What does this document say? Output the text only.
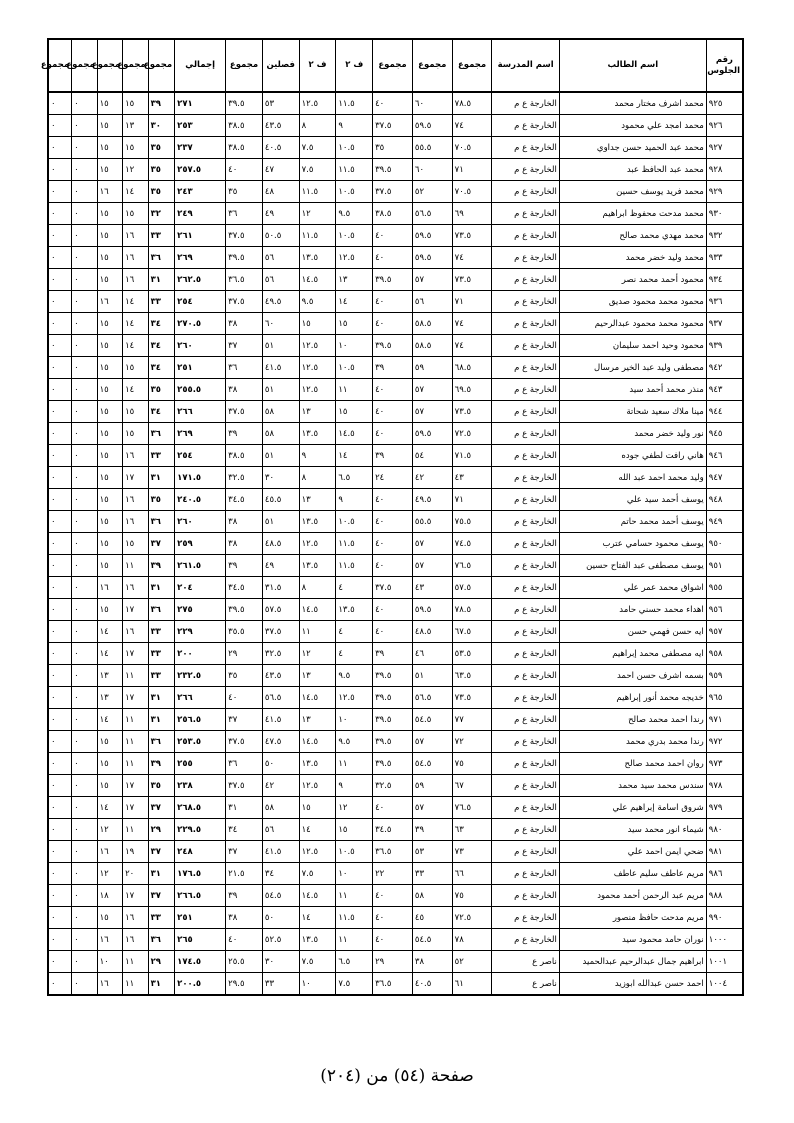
رقم الجلوس	اسم الطالب	اسم المدرسة	مجموع	مجموع	مجموع	ف ٢	ف ٢	فصلين	مجموع	إجمالي	مجموع	مجموع	مجموع	مجموع	مجموع
٩٢٥	محمد اشرف مختار محمد	الخارجة ع م	٧٨.٥	٦٠	٤٠	١١.٥	١٢.٥	٥٣	٣٩.٥	٢٧١	٣٩	١٥	١٥	٠	٠
٩٢٦	محمد امجد علي محمود	الخارجة ع م	٧٤	٥٩.٥	٣٧.٥	٩	٨	٤٣.٥	٣٨.٥	٢٥٣	٣٠	١٣	١٥	٠	٠
٩٢٧	محمد عبد الحميد حسن جداوي	الخارجة ع م	٧٠.٥	٥٥.٥	٣٥	١٠.٥	٧.٥	٤٠.٥	٣٨.٥	٢٣٧	٣٥	١٥	١٥	٠	٠
٩٢٨	محمد عبد الحافظ عبد	الخارجة ع م	٧١	٦٠	٣٩.٥	١١.٥	٧.٥	٤٧	٤٠	٢٥٧.٥	٣٥	١٢	١٥	٠	٠
٩٢٩	محمد فريد يوسف حسين	الخارجة ع م	٧٠.٥	٥٢	٣٧.٥	١٠.٥	١١.٥	٤٨	٣٥	٢٤٣	٣٥	١٤	١٦	٠	٠
٩٣٠	محمد مدحت محفوظ ابراهيم	الخارجة ع م	٦٩	٥٦.٥	٣٨.٥	٩.٥	١٢	٤٩	٣٦	٢٤٩	٣٢	١٥	١٥	٠	٠
٩٣٢	محمد مهدي محمد صالح	الخارجة ع م	٧٣.٥	٥٩.٥	٤٠	١٠.٥	١١.٥	٥٠.٥	٣٧.٥	٢٦١	٣٣	١٦	١٥	٠	٠
٩٣٣	محمد وليد خضر محمد	الخارجة ع م	٧٤	٥٩.٥	٤٠	١٢.٥	١٣.٥	٥٦	٣٩.٥	٢٦٩	٣٦	١٦	١٥	٠	٠
٩٣٤	محمود أحمد محمد نصر	الخارجة ع م	٧٣.٥	٥٧	٣٩.٥	١٣	١٤.٥	٥٦	٣٦.٥	٢٦٢.٥	٣١	١٦	١٥	٠	٠
٩٣٦	محمود محمد محمود صديق	الخارجة ع م	٧١	٥٦	٤٠	١٤	٩.٥	٤٩.٥	٣٧.٥	٢٥٤	٣٣	١٤	١٦	٠	٠
٩٣٧	محمود محمد محمود عبدالرحيم	الخارجة ع م	٧٤	٥٨.٥	٤٠	١٥	١٥	٦٠	٣٨	٢٧٠.٥	٣٤	١٤	١٥	٠	٠
٩٣٩	محمود وحيد احمد سليمان	الخارجة ع م	٧٤	٥٨.٥	٣٩.٥	١٠	١٢.٥	٥١	٣٧	٢٦٠	٣٤	١٤	١٥	٠	٠
٩٤٢	مصطفى وليد عبد الخير مرسال	الخارجة ع م	٦٨.٥	٥٩	٣٩	١٠.٥	١٢.٥	٤١.٥	٣٦	٢٥١	٣٤	١٥	١٥	٠	٠
٩٤٣	منذر محمد أحمد سيد	الخارجة ع م	٦٩.٥	٥٧	٤٠	١١	١٢.٥	٥١	٣٨	٢٥٥.٥	٣٥	١٤	١٥	٠	٠
٩٤٤	مينا ملاك سعيد شحاتة	الخارجة ع م	٧٣.٥	٥٧	٤٠	١٥	١٣	٥٨	٣٧.٥	٢٦٦	٣٤	١٥	١٥	٠	٠
٩٤٥	نور وليد خضر محمد	الخارجة ع م	٧٢.٥	٥٩.٥	٤٠	١٤.٥	١٣.٥	٥٨	٣٩	٢٦٩	٣٦	١٥	١٥	٠	٠
٩٤٦	هاني رافت لطفي جوده	الخارجة ع م	٧١.٥	٥٤	٣٩	١٤	٩	٥١	٣٨.٥	٢٥٤	٣٣	١٦	١٥	٠	٠
٩٤٧	وليد محمد احمد عبد الله	الخارجة ع م	٤٣	٤٢	٢٤	٦.٥	٨	٣٠	٣٢.٥	١٧١.٥	٣١	١٧	١٥	٠	٠
٩٤٨	يوسف أحمد سيد علي	الخارجة ع م	٧١	٤٩.٥	٤٠	٩	١٣	٤٥.٥	٣٤.٥	٢٤٠.٥	٣٥	١٦	١٥	٠	٠
٩٤٩	يوسف أحمد محمد حاتم	الخارجة ع م	٧٥.٥	٥٥.٥	٤٠	١٠.٥	١٣.٥	٥١	٣٨	٢٦٠	٣٦	١٦	١٥	٠	٠
٩٥٠	يوسف محمود حسامي عترب	الخارجة ع م	٧٤.٥	٥٧	٤٠	١١.٥	١٢.٥	٤٨.٥	٣٨	٢٥٩	٣٧	١٥	١٥	٠	٠
٩٥١	يوسف مصطفى عبد الفتاح حسين	الخارجة ع م	٧٦.٥	٥٧	٤٠	١١.٥	١٣.٥	٤٩	٣٩	٢٦١.٥	٣٩	١١	١٥	٠	٠
٩٥٥	اشواق محمد عمر علي	الخارجة ع م	٥٧.٥	٤٣	٣٧.٥	٤	٨	٣١.٥	٣٤.٥	٢٠٤	٣١	١٦	١٦	٠	٠
٩٥٦	اهداء محمد حسني حامد	الخارجة ع م	٧٨.٥	٥٩.٥	٤٠	١٣.٥	١٤.٥	٥٧.٥	٣٩.٥	٢٧٥	٣٦	١٧	١٥	٠	٠
٩٥٧	ايه حسن فهمي حسن	الخارجة ع م	٦٧.٥	٤٨.٥	٤٠	٤	١١	٣٧.٥	٣٥.٥	٢٢٩	٣٣	١٦	١٤	٠	٠
٩٥٨	ايه مصطفى محمد إبراهيم	الخارجة ع م	٥٣.٥	٤٦	٣٩	٤	١٢	٣٢.٥	٢٩	٢٠٠	٣٣	١٧	١٤	٠	٠
٩٥٩	بسمه اشرف حسن احمد	الخارجة ع م	٦٣.٥	٥١	٣٩.٥	٩.٥	١٣	٤٣.٥	٣٥	٢٣٢.٥	٣٣	١١	١٣	٠	٠
٩٦٥	خديجه محمد أنور إبراهيم	الخارجة ع م	٧٣.٥	٥٦.٥	٣٩.٥	١٢.٥	١٤.٥	٥٦.٥	٤٠	٢٦٦	٣١	١٧	١٣	٠	٠
٩٧١	رندا احمد محمد صالح	الخارجة ع م	٧٧	٥٤.٥	٣٩.٥	١٠	١٣	٤١.٥	٣٧	٢٥٦.٥	٣١	١١	١٤	٠	٠
٩٧٢	رندا محمد بدري محمد	الخارجة ع م	٧٢	٥٧	٣٩.٥	٩.٥	١٤.٥	٤٧.٥	٣٧.٥	٢٥٣.٥	٣٦	١١	١٥	٠	٠
٩٧٣	روان احمد محمد صالح	الخارجة ع م	٧٥	٥٤.٥	٣٩.٥	١١	١٣.٥	٥٠	٣٦	٢٥٥	٣٩	١١	١٥	٠	٠
٩٧٨	سندس محمد سيد محمد	الخارجة ع م	٦٧	٥٩	٣٢.٥	٩	١٢.٥	٤٢	٣٧.٥	٢٣٨	٣٥	١٧	١٥	٠	٠
٩٧٩	شروق اسامة إبراهيم علي	الخارجة ع م	٧٦.٥	٥٧	٤٠	١٢	١٥	٥٨	٣١	٢٦٨.٥	٣٧	١٧	١٤	٠	٠
٩٨٠	شيماء انور محمد سيد	الخارجة ع م	٦٣	٣٩	٣٤.٥	١٥	١٤	٥٦	٣٤	٢٢٩.٥	٢٩	١١	١٢	٠	٠
٩٨١	ضحي ايمن احمد علي	الخارجة ع م	٧٣	٥٣	٣٦.٥	١٠.٥	١٢.٥	٤١.٥	٣٧	٢٤٨	٣٧	١٩	١٦	٠	٠
٩٨٦	مريم عاطف سليم عاطف	الخارجة ع م	٦٦	٣٣	٢٢	١٠	٧.٥	٣٤	٢١.٥	١٧٦.٥	٣١	٢٠	١٢	٠	٠
٩٨٨	مريم عبد الرحمن أحمد محمود	الخارجة ع م	٧٥	٥٨	٤٠	١١	١٤.٥	٥٤.٥	٣٩	٢٦٦.٥	٣٧	١٧	١٨	٠	٠
٩٩٠	مريم مدحت حافظ منصور	الخارجة ع م	٧٢.٥	٤٥	٤٠	١١.٥	١٤	٥٠	٣٨	٢٥١	٣٣	١٦	١٥	٠	٠
١٠٠٠	نوران حامد محمود سيد	الخارجة ع م	٧٨	٥٤.٥	٤٠	١١	١٣.٥	٥٢.٥	٤٠	٢٦٥	٣٦	١٦	١٦	٠	٠
١٠٠١	ابراهيم جمال عبدالرحيم عبدالحميد	ناصر ع	٥٢	٣٨	٢٩	٦.٥	٧.٥	٣٠	٢٥.٥	١٧٤.٥	٢٩	١١	١٠	٠	٠
١٠٠٤	احمد حسن عبدالله ابوزيد	ناصر ع	٦١	٤٠.٥	٣٦.٥	٧.٥	١٠	٣٣	٢٩.٥	٢٠٠.٥	٣١	١١	١٦	٠	٠
صفحة (٥٤) من (٢٠٤)
